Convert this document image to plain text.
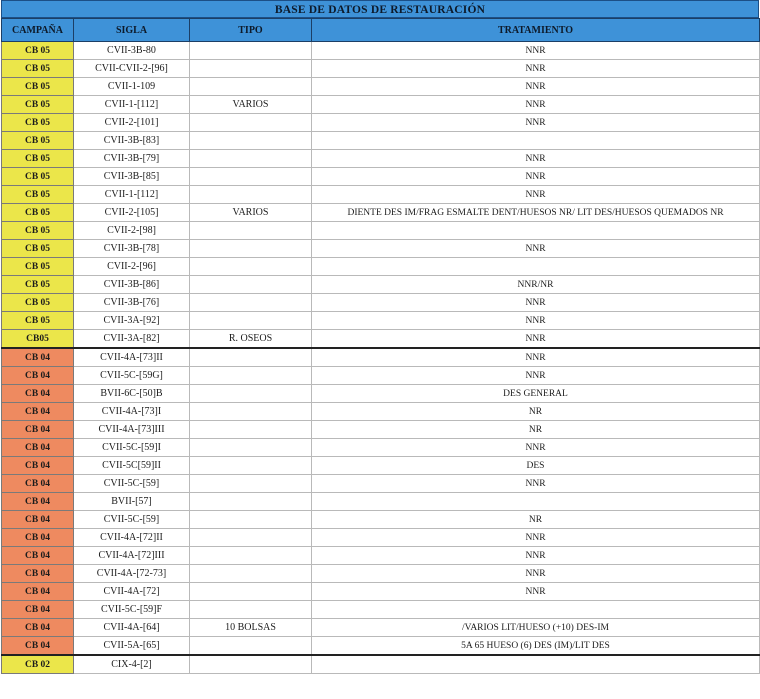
BASE DE DATOS DE RESTAURACIÓN
CAMPAÑA	SIGLA	TIPO	TRATAMIENTO
CB 05	CVII-3B-80		NNR
CB 05	CVII-CVII-2-[96]		NNR
CB 05	CVII-1-109		NNR
CB 05	CVII-1-[112]	VARIOS	NNR
CB 05	CVII-2-[101]		NNR
CB 05	CVII-3B-[83]		
CB 05	CVII-3B-[79]		NNR
CB 05	CVII-3B-[85]		NNR
CB 05	CVII-1-[112]		NNR
CB 05	CVII-2-[105]	VARIOS	DIENTE DES IM/FRAG ESMALTE DENT/HUESOS NR/ LIT DES/HUESOS QUEMADOS NR
CB 05	CVII-2-[98]		
CB 05	CVII-3B-[78]		NNR
CB 05	CVII-2-[96]		
CB 05	CVII-3B-[86]		NNR/NR
CB 05	CVII-3B-[76]		NNR
CB 05	CVII-3A-[92]		NNR
CB05	CVII-3A-[82]	R. OSEOS	NNR
CB 04	CVII-4A-[73]II		NNR
CB 04	CVII-5C-[59G]		NNR
CB 04	BVII-6C-[50]B		DES GENERAL
CB 04	CVII-4A-[73]I		NR
CB 04	CVII-4A-[73]III		NR
CB 04	CVII-5C-[59]I		NNR
CB 04	CVII-5C[59]II		DES
CB 04	CVII-5C-[59]		NNR
CB 04	BVII-[57]		
CB 04	CVII-5C-[59]		NR
CB 04	CVII-4A-[72]II		NNR
CB 04	CVII-4A-[72]III		NNR
CB 04	CVII-4A-[72-73]		NNR
CB 04	CVII-4A-[72]		NNR
CB 04	CVII-5C-[59]F		
CB 04	CVII-4A-[64]	10 BOLSAS	/VARIOS LIT/HUESO (+10) DES-IM
CB 04	CVII-5A-[65]		5A 65 HUESO (6) DES (IM)/LIT DES
CB 02	CIX-4-[2]		
